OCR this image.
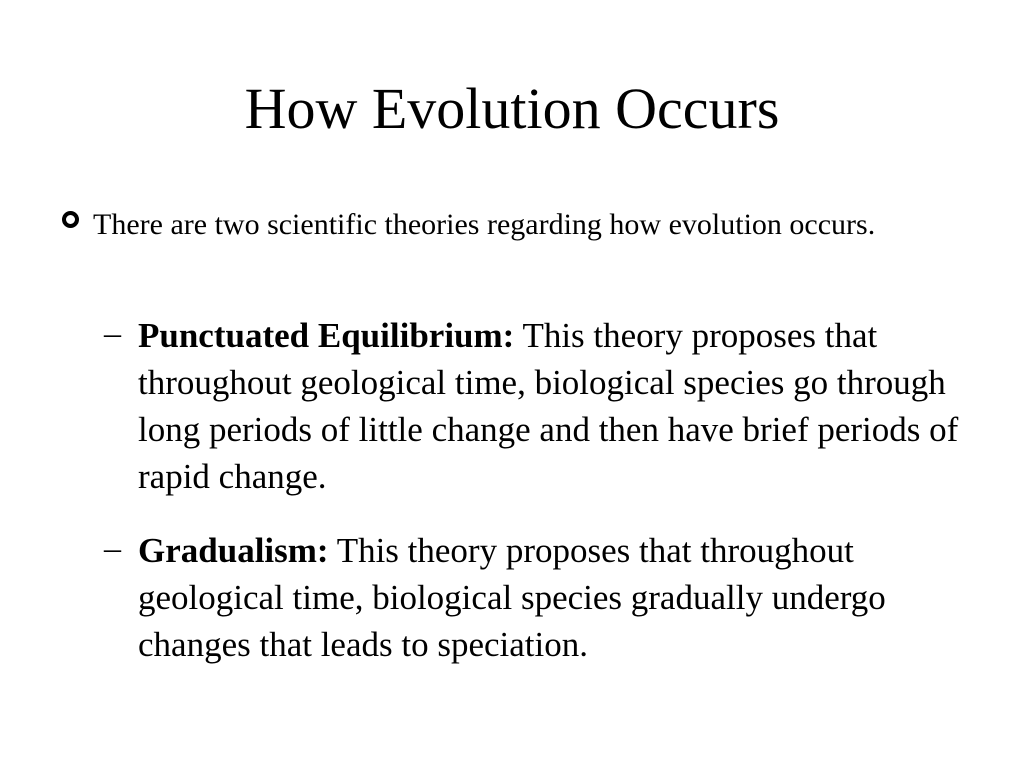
How Evolution Occurs
There are two scientific theories regarding how evolution occurs.
– Punctuated Equilibrium: This theory proposes that throughout geological time, biological species go through long periods of little change and then have brief periods of rapid change.
– Gradualism: This theory proposes that throughout geological time, biological species gradually undergo changes that leads to speciation.
